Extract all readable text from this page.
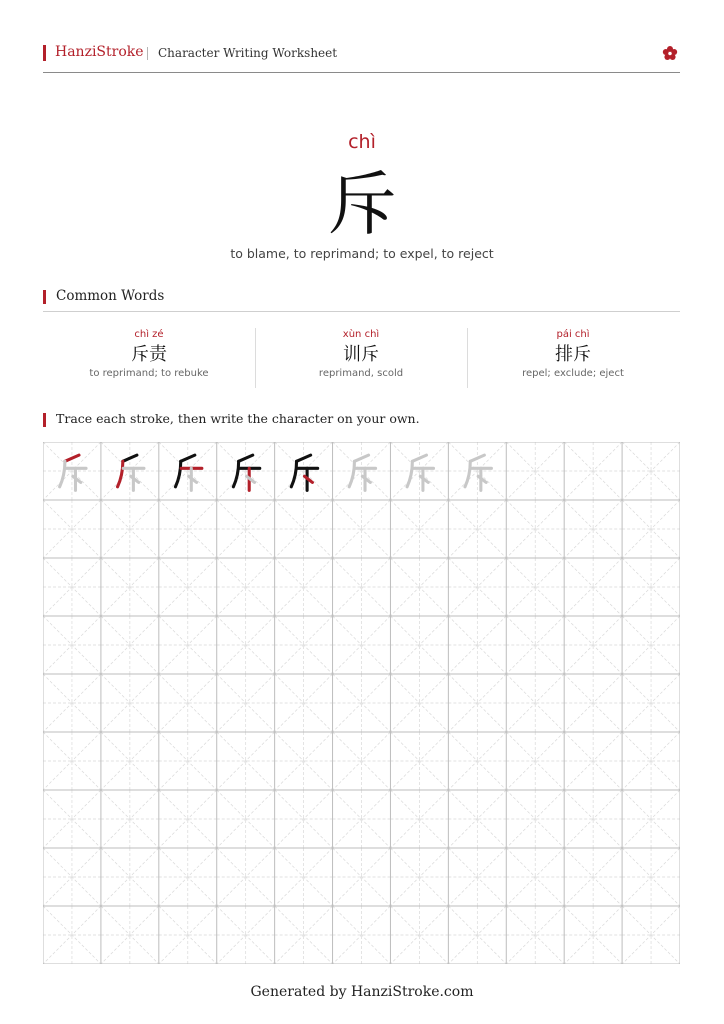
HanziStroke Character Writing Worksheet
chì
斥
to blame, to reprimand; to expel, to reject
Common Words
chì zé
斥责
to reprimand; to rebuke
xùn chì
训斥
reprimand, scold
pái chì
排斥
repel; exclude; eject
Trace each stroke, then write the character on your own.
Generated by HanziStroke.com
